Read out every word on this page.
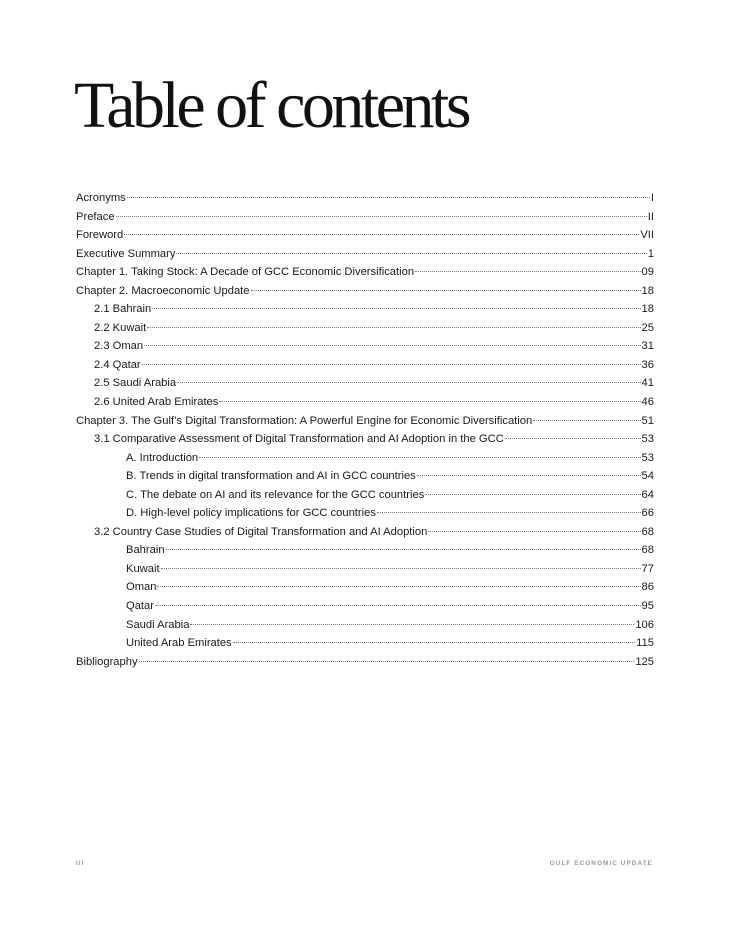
Table of contents
Acronyms	I
Preface	II
Foreword	VII
Executive Summary	1
Chapter 1. Taking Stock: A Decade of GCC Economic Diversification	09
Chapter 2. Macroeconomic Update	18
2.1 Bahrain	18
2.2 Kuwait	25
2.3 Oman	31
2.4 Qatar	36
2.5 Saudi Arabia	41
2.6 United Arab Emirates	46
Chapter 3. The Gulf’s Digital Transformation: A Powerful Engine for Economic Diversification	51
3.1 Comparative Assessment of Digital Transformation and AI Adoption in the GCC	53
A. Introduction	53
B. Trends in digital transformation and AI in GCC countries	54
C. The debate on AI and its relevance for the GCC countries	64
D. High-level policy implications for GCC countries	66
3.2 Country Case Studies of Digital Transformation and AI Adoption	68
Bahrain	68
Kuwait	77
Oman	86
Qatar	95
Saudi Arabia	106
United Arab Emirates	115
Bibliography	125
III	GULF ECONOMIC UPDATE
